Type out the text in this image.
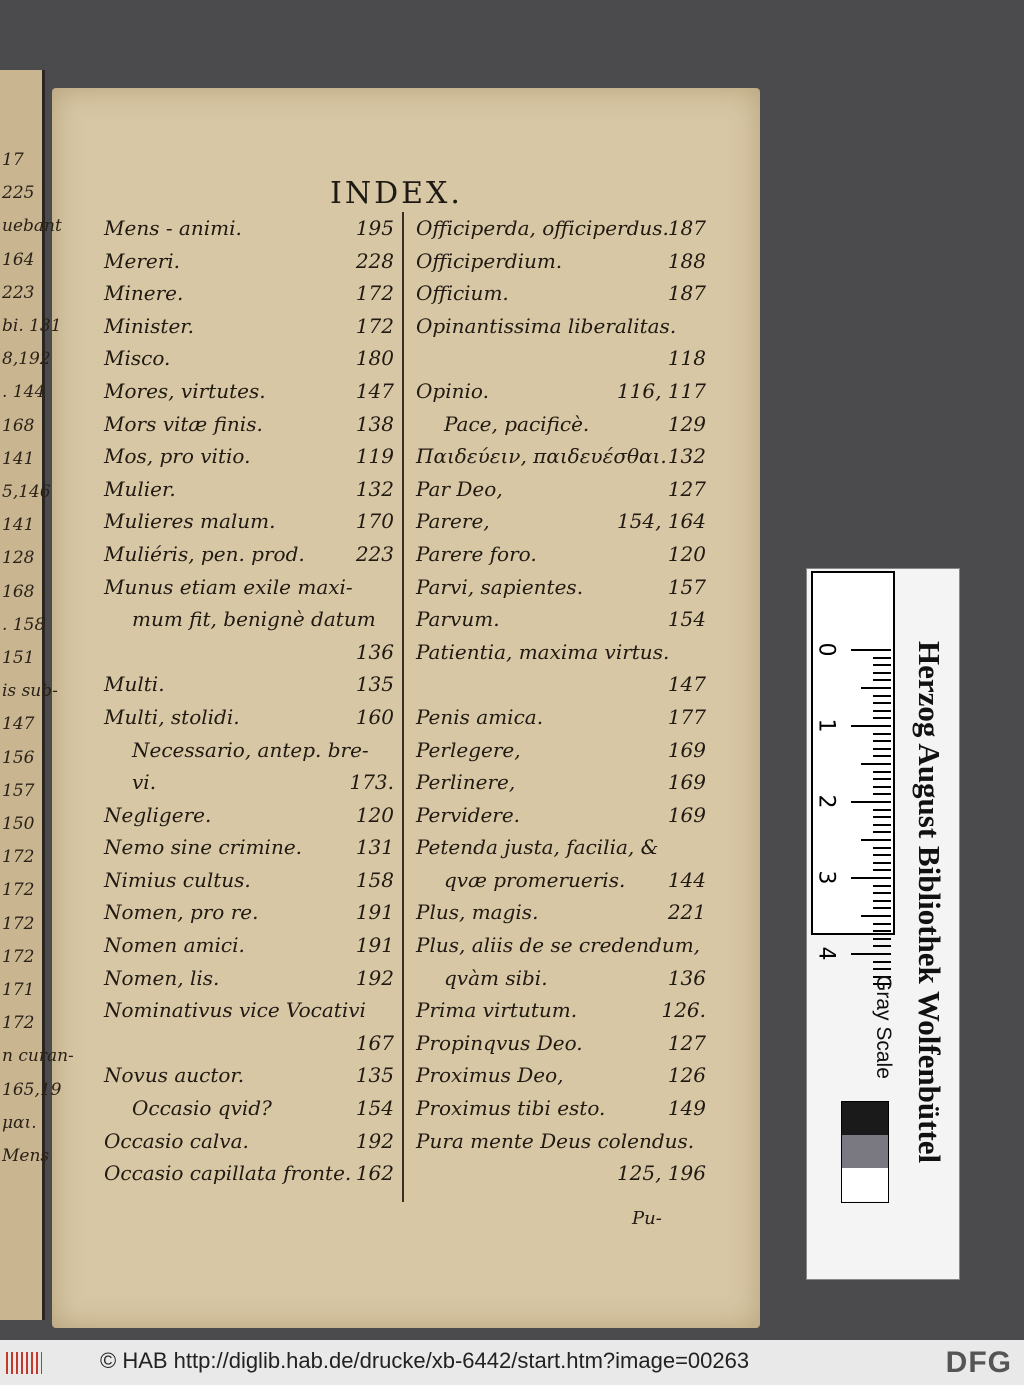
INDEX.
Mens - animi.	195
Mereri.	228
Minere.	172
Minister.	172
Misco.	180
Mores, virtutes.	147
Mors vitæ finis.	138
Mos, pro vitio.	119
Mulier.	132
Mulieres malum.	170
Muliéris, pen. prod.	223
Munus etiam exile maxi-
mum fit, benignè datum
136
Multi.	135
Multi, stolidi.	160
Necessario, antep. bre-
vi.	173.
Negligere.	120
Nemo sine crimine.	131
Nimius cultus.	158
Nomen, pro re.	191
Nomen amici.	191
Nomen, lis.	192
Nominativus vice Vocativi
167
Novus auctor.	135
Occasio qvid?	154
Occasio calva.	192
Occasio capillata fronte. 162
Officiperda, officiperdus.
187
Officiperdium.	188
Officium.	187
Opinantissima liberalitas.
118
Opinio.	116, 117
Pace, pacificè.	129
Παιδεύειν, παιδευέσθαι. 132
Par Deo,	127
Parere,	154, 164
Parere foro.	120
Parvi, sapientes.	157
Parvum.	154
Patientia, maxima virtus.
147
Penis amica.	177
Perlegere,	169
Perlinere,	169
Pervidere.	169
Petenda justa, facilia, &
qvæ promerueris. 144
Plus, magis.	221
Plus, aliis de se credendum,
qvàm sibi.	136
Prima virtutum.	126.
Propinqvus Deo.	127
Proximus Deo,	126
Proximus tibi esto.	149
Pura mente Deus colendus.
125, 196
Pu-
0
1
2
3
4
Gray Scale Herzog August Bibliothek Wolfenbüttel
17
225
uebant
164
223
bi. 131
8,192
. 144
168
141
5,146
141
128
168
. 158
151
is sub-
147
156
157
150
172
172
172
172
171
172
n curan-
165,19
μαι.
Mens
© HAB http://diglib.hab.de/drucke/xb-6442/start.htm?image=00263	DFG
